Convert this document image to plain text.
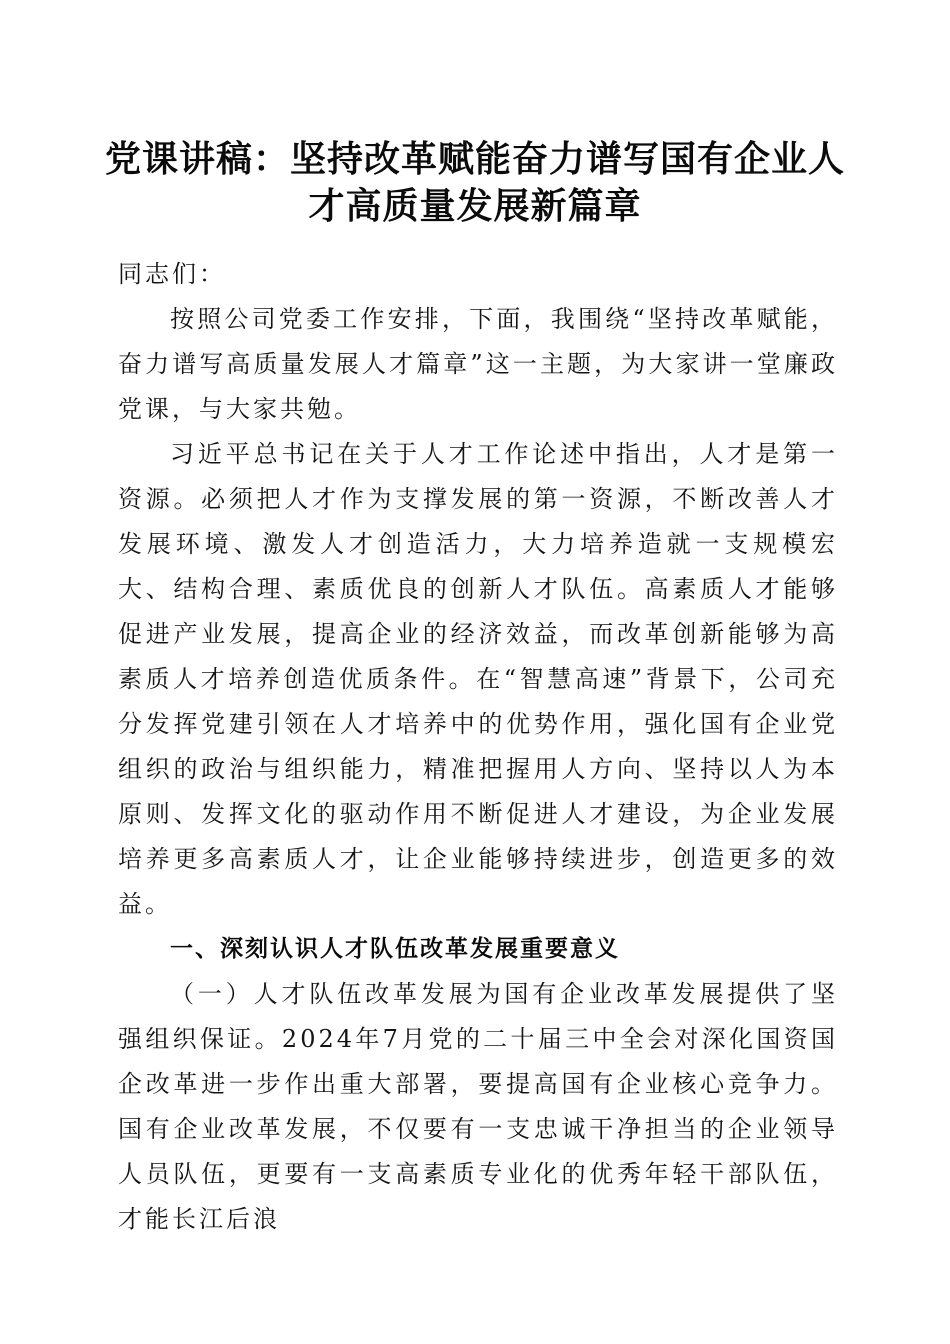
党课讲稿：坚持改革赋能奋力谱写国有企业人
才高质量发展新篇章

同志们：

按照公司党委工作安排，下面，我围绕“坚持改革赋能，奋力谱写高质量发展人才篇章”这一主题，为大家讲一堂廉政党课，与大家共勉。

习近平总书记在关于人才工作论述中指出，人才是第一资源。必须把人才作为支撑发展的第一资源，不断改善人才发展环境、激发人才创造活力，大力培养造就一支规模宏大、结构合理、素质优良的创新人才队伍。高素质人才能够促进产业发展，提高企业的经济效益，而改革创新能够为高素质人才培养创造优质条件。在“智慧高速”背景下，公司充分发挥党建引领在人才培养中的优势作用，强化国有企业党组织的政治与组织能力，精准把握用人方向、坚持以人为本原则、发挥文化的驱动作用不断促进人才建设，为企业发展培养更多高素质人才，让企业能够持续进步，创造更多的效益。

一、深刻认识人才队伍改革发展重要意义

（一）人才队伍改革发展为国有企业改革发展提供了坚强组织保证。2024年7月党的二十届三中全会对深化国资国企改革进一步作出重大部署，要提高国有企业核心竞争力。国有企业改革发展，不仅要有一支忠诚干净担当的企业领导人员队伍，更要有一支高素质专业化的优秀年轻干部队伍，才能长江后浪
